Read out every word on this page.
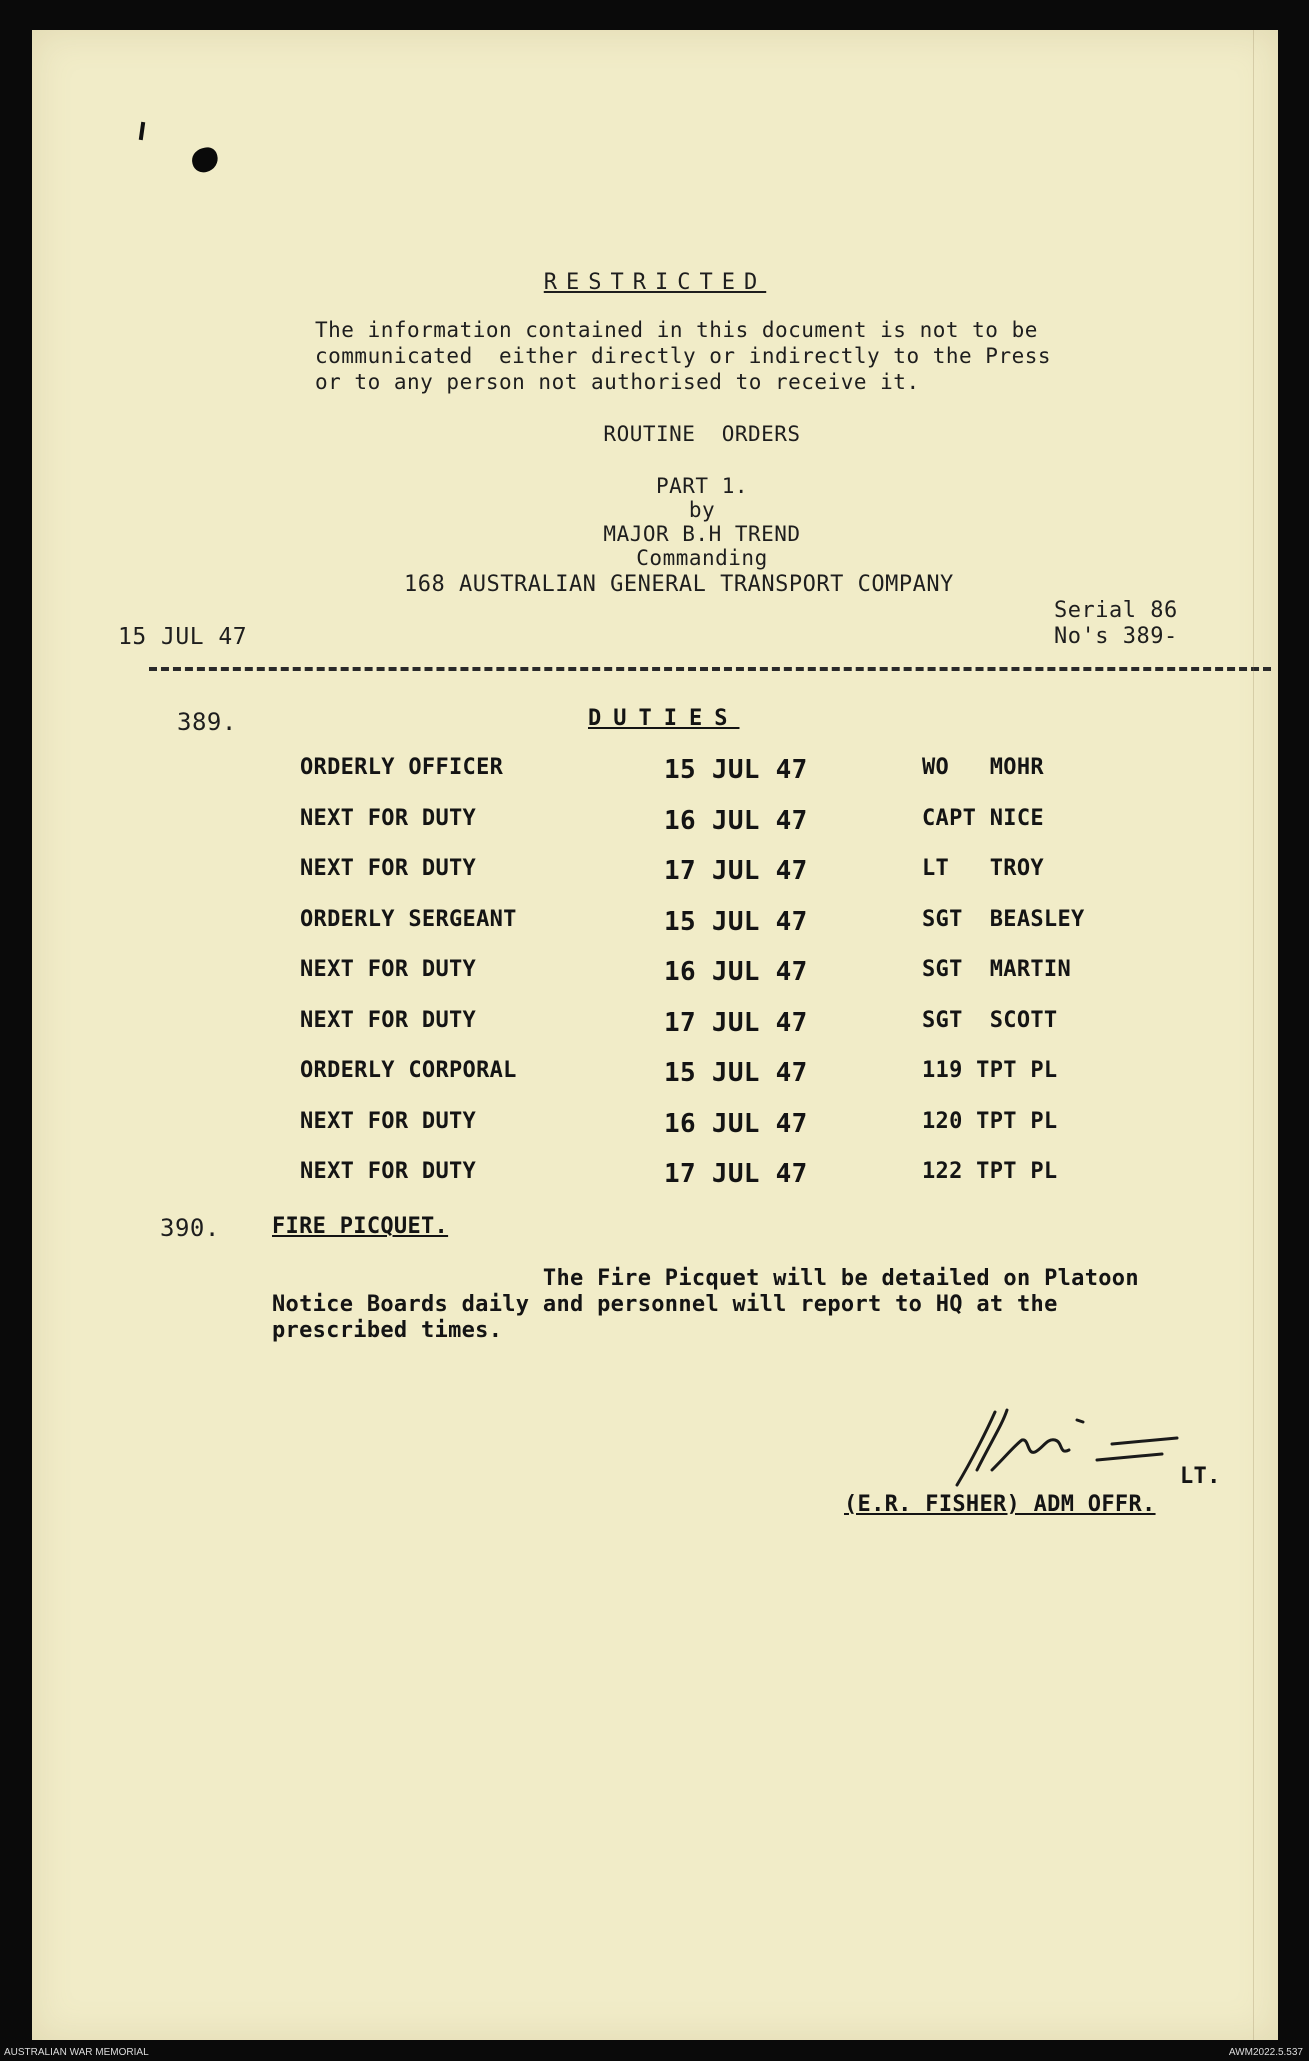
RESTRICTED
The information contained in this document is not to be
communicated  either directly or indirectly to the Press
or to any person not authorised to receive it.
ROUTINE  ORDERS
PART 1.
by
MAJOR B.H TREND
Commanding
168 AUSTRALIAN GENERAL TRANSPORT COMPANY
15 JUL 47
Serial 86
No's 389-
389.	DUTIES
ORDERLY OFFICER	15 JUL 47	WO   MOHR
NEXT FOR DUTY	16 JUL 47	CAPT NICE
NEXT FOR DUTY	17 JUL 47	LT   TROY
ORDERLY SERGEANT	15 JUL 47	SGT  BEASLEY
NEXT FOR DUTY	16 JUL 47	SGT  MARTIN
NEXT FOR DUTY	17 JUL 47	SGT  SCOTT
ORDERLY CORPORAL	15 JUL 47	119 TPT PL
NEXT FOR DUTY	16 JUL 47	120 TPT PL
NEXT FOR DUTY	17 JUL 47	122 TPT PL
390. FIRE PICQUET.
The Fire Picquet will be detailed on Platoon
Notice Boards daily and personnel will report to HQ at the
prescribed times.
LT.
(E.R. FISHER) ADM OFFR.
AUSTRALIAN WAR MEMORIAL	AWM2022.5.537
